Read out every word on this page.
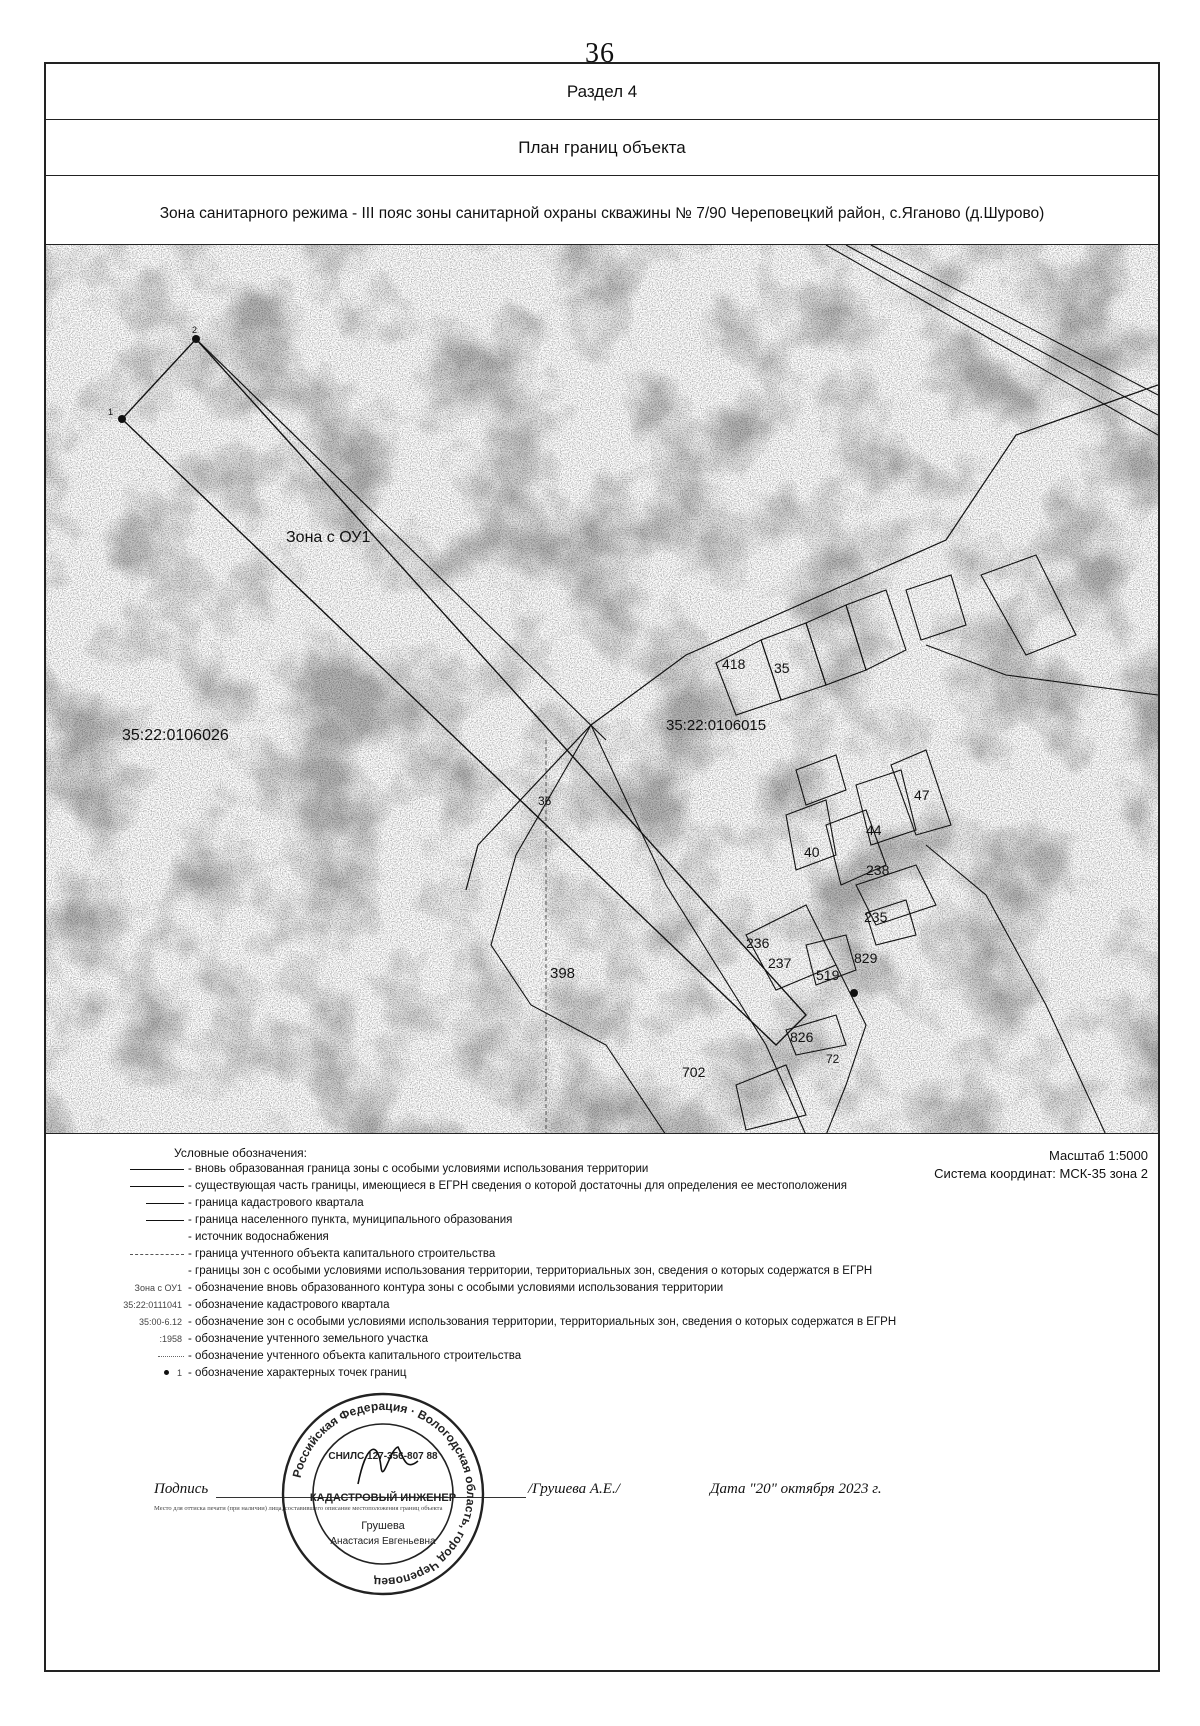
36
Раздел 4
План границ объекта
Зона санитарного режима - III пояс зоны санитарной охраны скважины № 7/90 Череповецкий район, с.Яганово (д.Шурово)
Зона с ОУ1
1
2
35:22:0106026
35:22:0106015
418 35
47
40
44
238
235
236
237
519
829
398
826
702
72
36
Условные обозначения:	Масштаб 1:5000
Система координат: МСК-35 зона 2
- вновь образованная граница зоны с особыми условиями использования территории
- существующая часть границы, имеющиеся в ЕГРН сведения о которой достаточны для определения ее местоположения
- граница кадастрового квартала
- граница населенного пункта, муниципального образования
- источник водоснабжения
- граница учтенного объекта капитального строительства
- границы зон с особыми условиями использования территории, территориальных зон, сведения о которых содержатся в ЕГРН
Зона с ОУ1 - обозначение вновь образованного контура зоны с особыми условиями использования территории
35:22:0111041 - обозначение кадастрового квартала
35:00-6.12 - обозначение зон с особыми условиями использования территории, территориальных зон, сведения о которых содержатся в ЕГРН
:1958 - обозначение учтенного земельного участка
- обозначение учтенного объекта капитального строительства
1 - обозначение характерных точек границ
Подпись	/Грушева А.Е./	Дата "20" октября 2023 г.
Место для оттиска печати (при наличии) лица, составившего описание местоположения границ объекта
Российская Федерация · Вологодская область, город Череповец
СНИЛС 127-356-807 88
КАДАСТРОВЫЙ ИНЖЕНЕР
Грушева
Анастасия Евгеньевна
